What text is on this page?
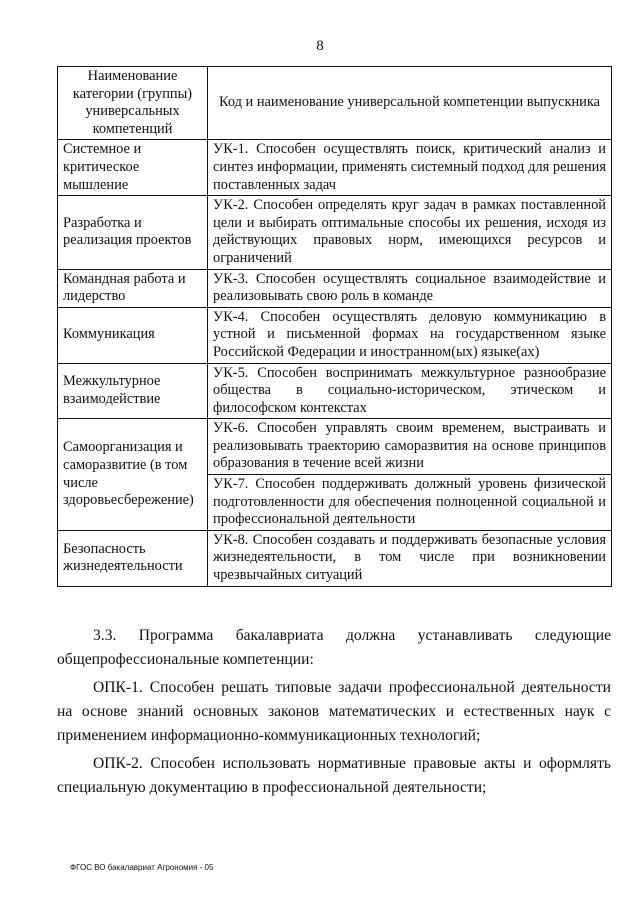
8
Наименование категории (группы) универсальных компетенций	Код и наименование универсальной компетенции выпускника
Системное и критическое мышление	УК-1. Способен осуществлять поиск, критический анализ и синтез информации, применять системный подход для решения поставленных задач
Разработка и реализация проектов	УК-2. Способен определять круг задач в рамках поставленной цели и выбирать оптимальные способы их решения, исходя из действующих правовых норм, имеющихся ресурсов и ограничений
Командная работа и лидерство	УК-3. Способен осуществлять социальное взаимодействие и реализовывать свою роль в команде
Коммуникация	УК-4. Способен осуществлять деловую коммуникацию в устной и письменной формах на государственном языке Российской Федерации и иностранном(ых) языке(ах)
Межкультурное взаимодействие	УК-5. Способен воспринимать межкультурное разнообразие общества в социально-историческом, этическом и философском контекстах
Самоорганизация и саморазвитие (в том числе здоровьесбережение)	УК-6. Способен управлять своим временем, выстраивать и реализовывать траекторию саморазвития на основе принципов образования в течение всей жизни
	УК-7. Способен поддерживать должный уровень физической подготовленности для обеспечения полноценной социальной и профессиональной деятельности
Безопасность жизнедеятельности	УК-8. Способен создавать и поддерживать безопасные условия жизнедеятельности, в том числе при возникновении чрезвычайных ситуаций
3.3. Программа бакалавриата должна устанавливать следующие общепрофессиональные компетенции:
ОПК-1. Способен решать типовые задачи профессиональной деятельности на основе знаний основных законов математических и естественных наук с применением информационно-коммуникационных технологий;
ОПК-2. Способен использовать нормативные правовые акты и оформлять специальную документацию в профессиональной деятельности;
ФГОС ВО бакалавриат Агрономия - 05
